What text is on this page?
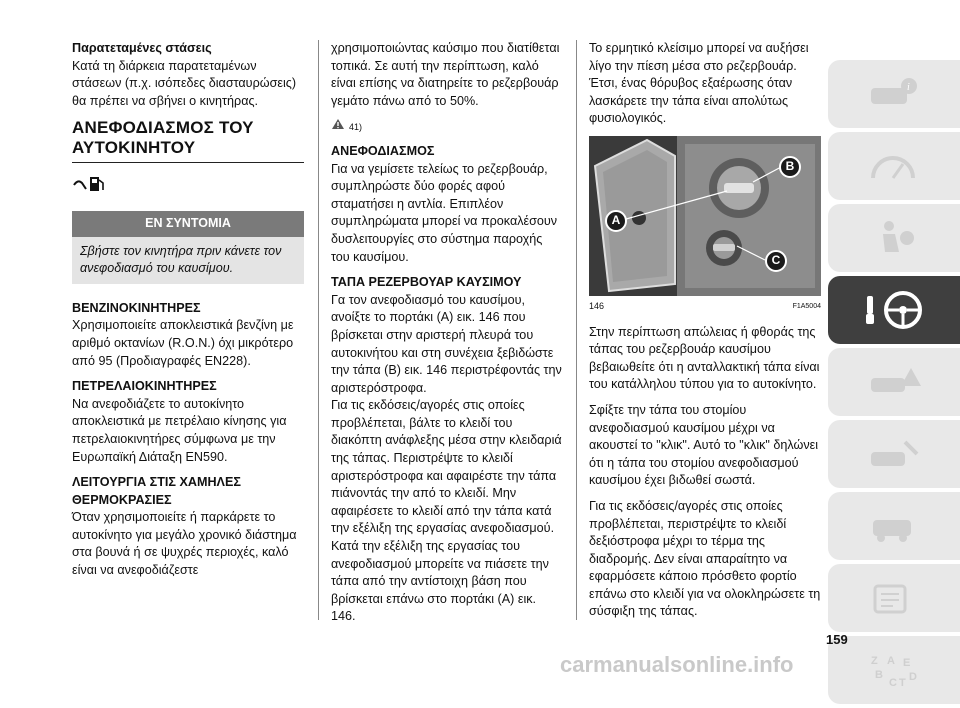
Παρατεταμένες στάσεις

Κατά τη διάρκεια παρατεταμένων στάσεων (π.χ. ισόπεδες διασταυρώσεις) θα πρέπει να σβήνει ο κινητήρας.

ΑΝΕΦΟΔΙΑΣΜΟΣ ΤΟΥ ΑΥΤΟΚΙΝΗΤΟΥ
ΕΝ ΣΥΝΤΟΜΙΑ
Σβήστε τον κινητήρα πριν κάνετε τον ανεφοδιασμό του καυσίμου.

ΒΕΝΖΙΝΟΚΙΝΗΤΗΡΕΣ

Χρησιμοποιείτε αποκλειστικά βενζίνη με αριθμό οκτανίων (R.O.N.) όχι μικρότερο από 95 (Προδιαγραφές EN228).

ΠΕΤΡΕΛΑΙΟΚΙΝΗΤΗΡΕΣ

Να ανεφοδιάζετε το αυτοκίνητο αποκλειστικά με πετρέλαιο κίνησης για πετρελαιοκινητήρες σύμφωνα με την Ευρωπαϊκή Διάταξη EN590.

ΛΕΙΤΟΥΡΓΙΑ ΣΤΙΣ ΧΑΜΗΛΕΣ ΘΕΡΜΟΚΡΑΣΙΕΣ

Όταν χρησιμοποιείτε ή παρκάρετε το αυτοκίνητο για μεγάλο χρονικό διάστημα στα βουνά ή σε ψυχρές περιοχές, καλό είναι να ανεφοδιάζεστε

χρησιμοποιώντας καύσιμο που διατίθεται τοπικά. Σε αυτή την περίπτωση, καλό είναι επίσης να διατηρείτε το ρεζερβουάρ γεμάτο πάνω από το 50%.

41)

ΑΝΕΦΟΔΙΑΣΜΟΣ

Για να γεμίσετε τελείως το ρεζερβουάρ, συμπληρώστε δύο φορές αφού σταματήσει η αντλία. Επιπλέον συμπληρώματα μπορεί να προκαλέσουν δυσλειτουργίες στο σύστημα παροχής του καυσίμου.

ΤΑΠΑ ΡΕΖΕΡΒΟΥΑΡ ΚΑΥΣΙΜΟΥ

Γα τον ανεφοδιασμό του καυσίμου, ανοίξτε το πορτάκι (A) εικ. 146 που βρίσκεται στην αριστερή πλευρά του αυτοκινήτου και στη συνέχεια ξεβιδώστε την τάπα (B) εικ. 146 περιστρέφοντάς την αριστερόστροφα.

Για τις εκδόσεις/αγορές στις οποίες προβλέπεται, βάλτε το κλειδί του διακόπτη ανάφλεξης μέσα στην κλειδαριά της τάπας. Περιστρέψτε το κλειδί αριστερόστροφα και αφαιρέστε την τάπα πιάνοντάς την από το κλειδί. Μην αφαιρέσετε το κλειδί από την τάπα κατά την εξέλιξη της εργασίας ανεφοδιασμού. Κατά την εξέλιξη της εργασίας του ανεφοδιασμού μπορείτε να πιάσετε την τάπα από την αντίστοιχη βάση που βρίσκεται επάνω στο πορτάκι (A) εικ. 146.

Το ερμητικό κλείσιμο μπορεί να αυξήσει λίγο την πίεση μέσα στο ρεζερβουάρ. Έτσι, ένας θόρυβος εξαέρωσης όταν λασκάρετε την τάπα είναι απολύτως φυσιολογικός.

A
B
C
146	F1A5004

Στην περίπτωση απώλειας ή φθοράς της τάπας του ρεζερβουάρ καυσίμου βεβαιωθείτε ότι η ανταλλακτική τάπα είναι του κατάλληλου τύπου για το αυτοκίνητο.

Σφίξτε την τάπα του στομίου ανεφοδιασμού καυσίμου μέχρι να ακουστεί το "κλικ". Αυτό το "κλικ" δηλώνει ότι η τάπα του στομίου ανεφοδιασμού καυσίμου έχει βιδωθεί σωστά.

Για τις εκδόσεις/αγορές στις οποίες προβλέπεται, περιστρέψτε το κλειδί δεξιόστροφα μέχρι το τέρμα της διαδρομής. Δεν είναι απαραίτητο να εφαρμόσετε κάποιο πρόσθετο φορτίο επάνω στο κλειδί για να ολοκληρώσετε τη σύσφιξη της τάπας.

i
Z A E
B
C T D
159
carmanualsonline.info
